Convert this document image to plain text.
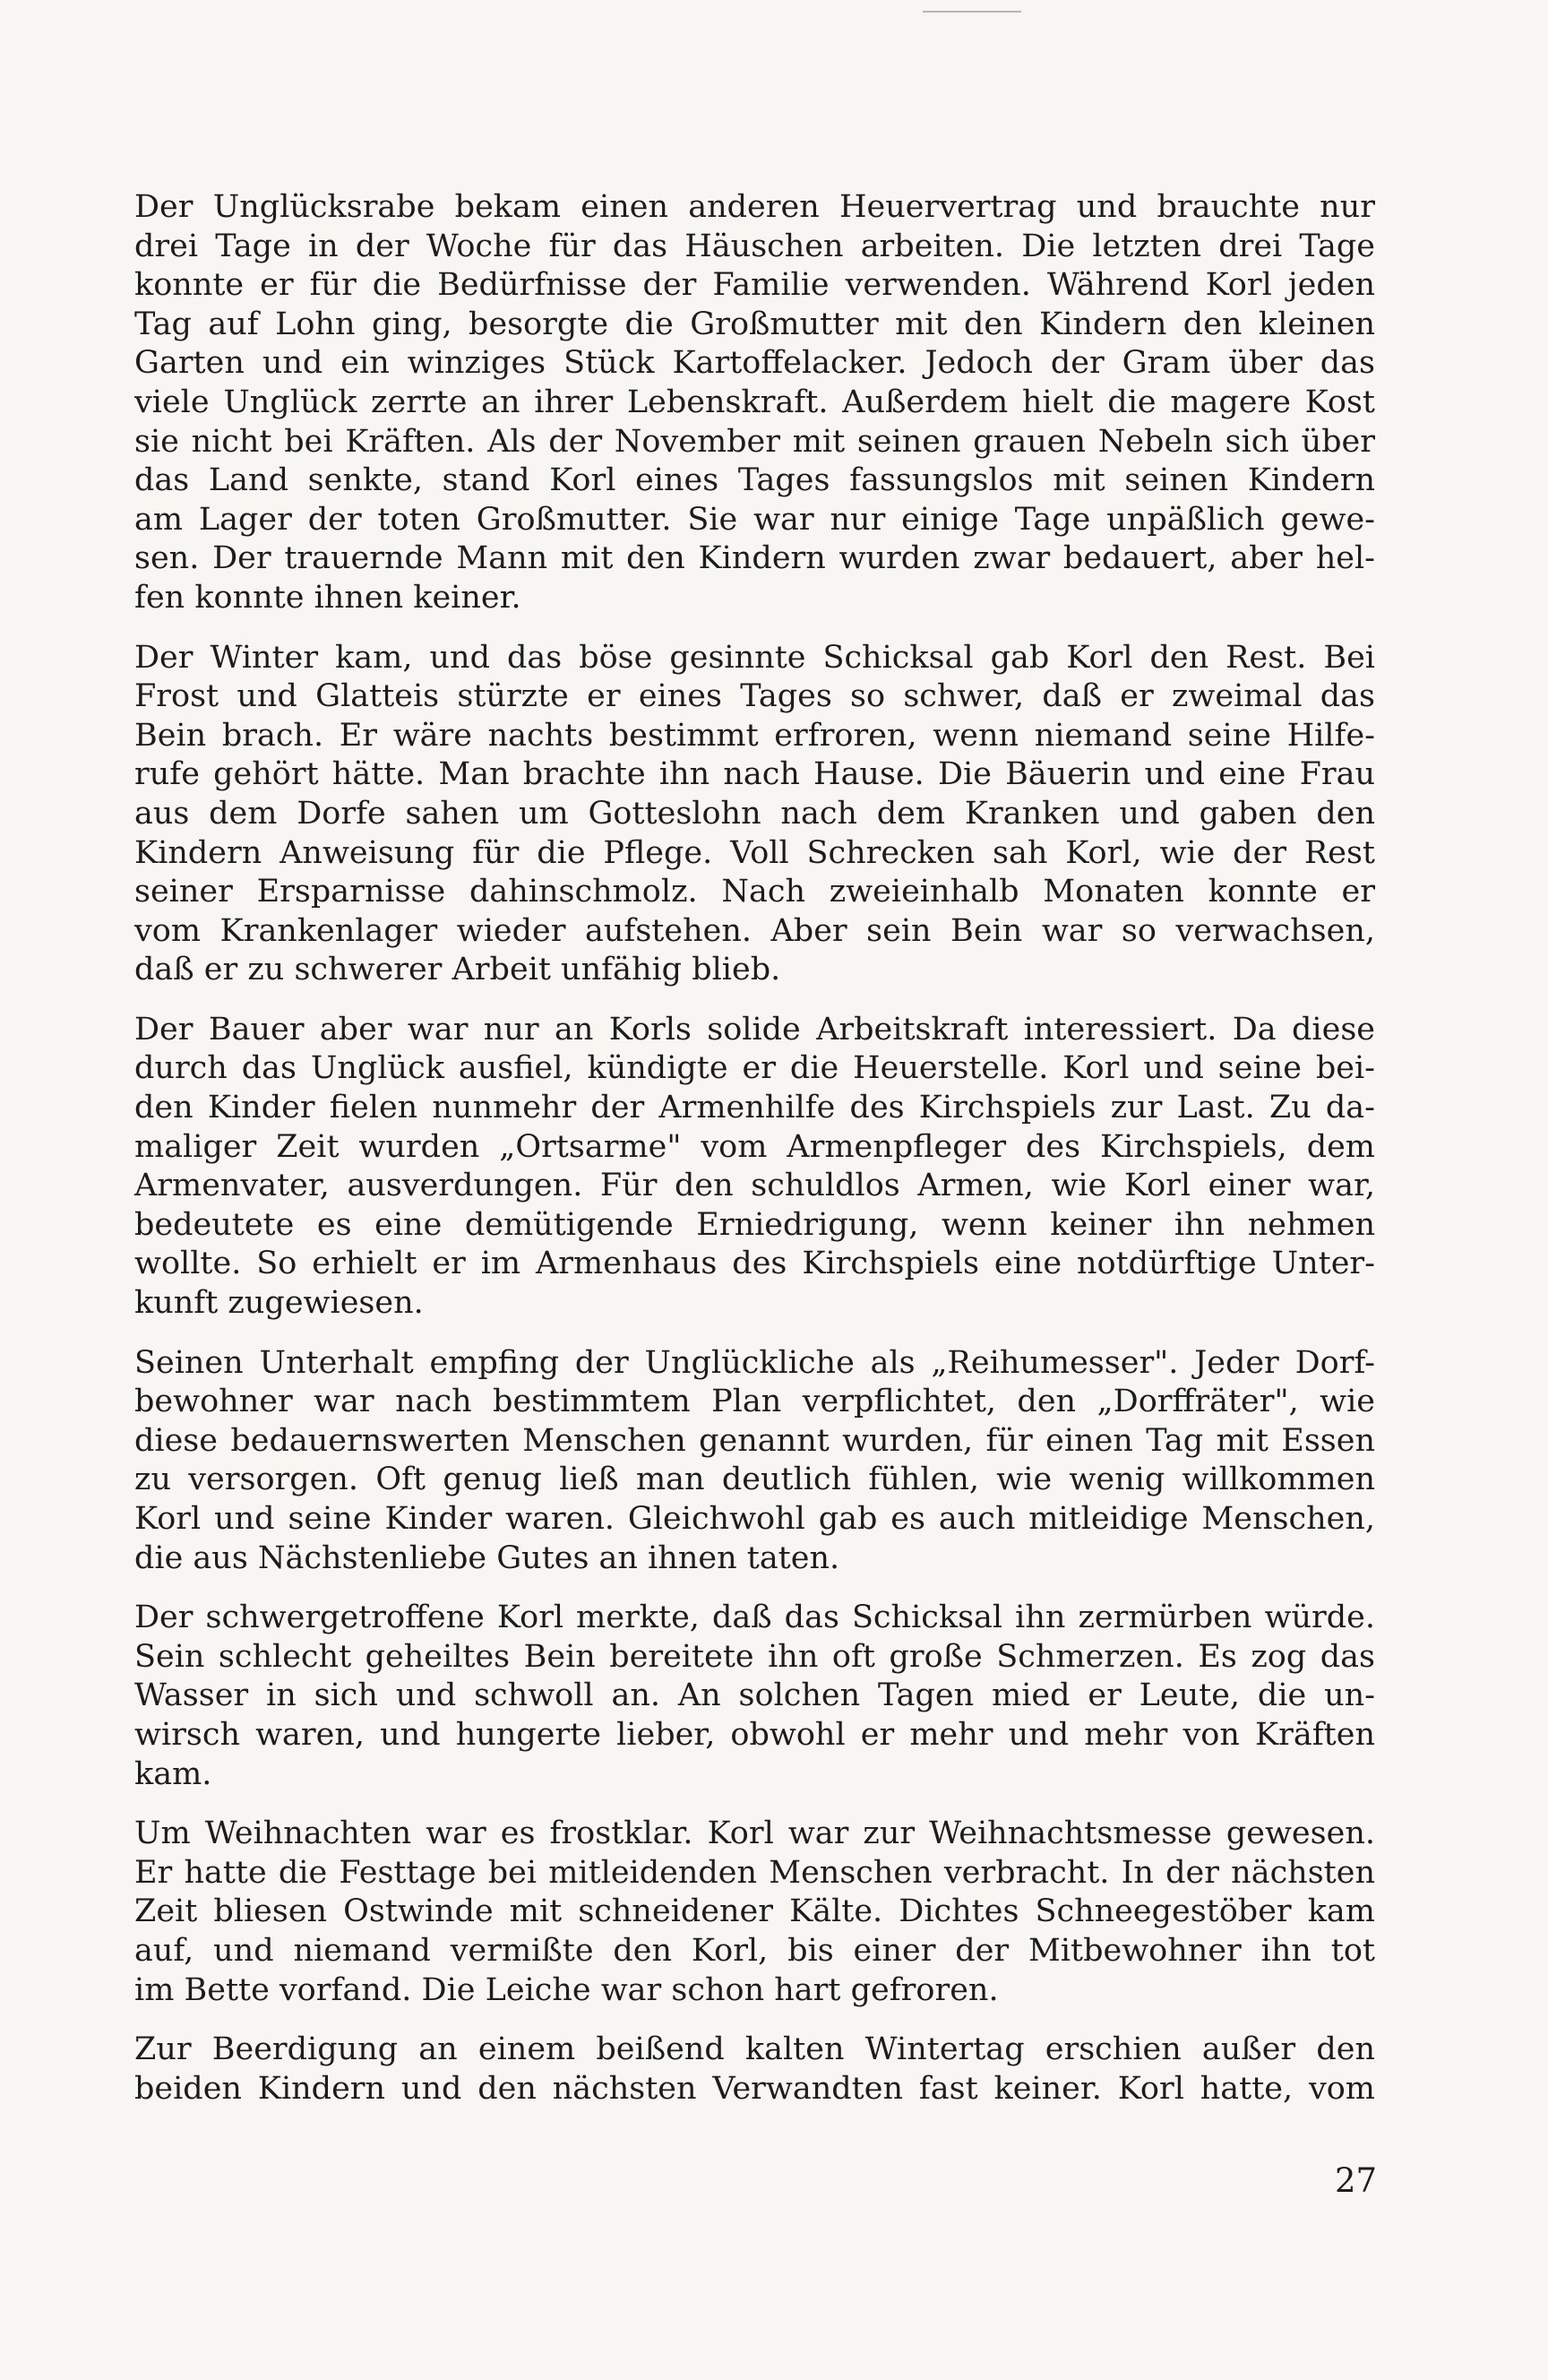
Der Unglücksrabe bekam einen anderen Heuervertrag und brauchte nur
drei Tage in der Woche für das Häuschen arbeiten. Die letzten drei Tage
konnte er für die Bedürfnisse der Familie verwenden. Während Korl jeden
Tag auf Lohn ging, besorgte die Großmutter mit den Kindern den kleinen
Garten und ein winziges Stück Kartoffelacker. Jedoch der Gram über das
viele Unglück zerrte an ihrer Lebenskraft. Außerdem hielt die magere Kost
sie nicht bei Kräften. Als der November mit seinen grauen Nebeln sich über
das Land senkte, stand Korl eines Tages fassungslos mit seinen Kindern
am Lager der toten Großmutter. Sie war nur einige Tage unpäßlich gewe-
sen. Der trauernde Mann mit den Kindern wurden zwar bedauert, aber hel-
fen konnte ihnen keiner.
Der Winter kam, und das böse gesinnte Schicksal gab Korl den Rest. Bei
Frost und Glatteis stürzte er eines Tages so schwer, daß er zweimal das
Bein brach. Er wäre nachts bestimmt erfroren, wenn niemand seine Hilfe-
rufe gehört hätte. Man brachte ihn nach Hause. Die Bäuerin und eine Frau
aus dem Dorfe sahen um Gotteslohn nach dem Kranken und gaben den
Kindern Anweisung für die Pflege. Voll Schrecken sah Korl, wie der Rest
seiner Ersparnisse dahinschmolz. Nach zweieinhalb Monaten konnte er
vom Krankenlager wieder aufstehen. Aber sein Bein war so verwachsen,
daß er zu schwerer Arbeit unfähig blieb.
Der Bauer aber war nur an Korls solide Arbeitskraft interessiert. Da diese
durch das Unglück ausfiel, kündigte er die Heuerstelle. Korl und seine bei-
den Kinder fielen nunmehr der Armenhilfe des Kirchspiels zur Last. Zu da-
maliger Zeit wurden „Ortsarme" vom Armenpfleger des Kirchspiels, dem
Armenvater, ausverdungen. Für den schuldlos Armen, wie Korl einer war,
bedeutete es eine demütigende Erniedrigung, wenn keiner ihn nehmen
wollte. So erhielt er im Armenhaus des Kirchspiels eine notdürftige Unter-
kunft zugewiesen.
Seinen Unterhalt empfing der Unglückliche als „Reihumesser". Jeder Dorf-
bewohner war nach bestimmtem Plan verpflichtet, den „Dorffräter", wie
diese bedauernswerten Menschen genannt wurden, für einen Tag mit Essen
zu versorgen. Oft genug ließ man deutlich fühlen, wie wenig willkommen
Korl und seine Kinder waren. Gleichwohl gab es auch mitleidige Menschen,
die aus Nächstenliebe Gutes an ihnen taten.
Der schwergetroffene Korl merkte, daß das Schicksal ihn zermürben würde.
Sein schlecht geheiltes Bein bereitete ihn oft große Schmerzen. Es zog das
Wasser in sich und schwoll an. An solchen Tagen mied er Leute, die un-
wirsch waren, und hungerte lieber, obwohl er mehr und mehr von Kräften
kam.
Um Weihnachten war es frostklar. Korl war zur Weihnachtsmesse gewesen.
Er hatte die Festtage bei mitleidenden Menschen verbracht. In der nächsten
Zeit bliesen Ostwinde mit schneidener Kälte. Dichtes Schneegestöber kam
auf, und niemand vermißte den Korl, bis einer der Mitbewohner ihn tot
im Bette vorfand. Die Leiche war schon hart gefroren.
Zur Beerdigung an einem beißend kalten Wintertag erschien außer den
beiden Kindern und den nächsten Verwandten fast keiner. Korl hatte, vom
27
